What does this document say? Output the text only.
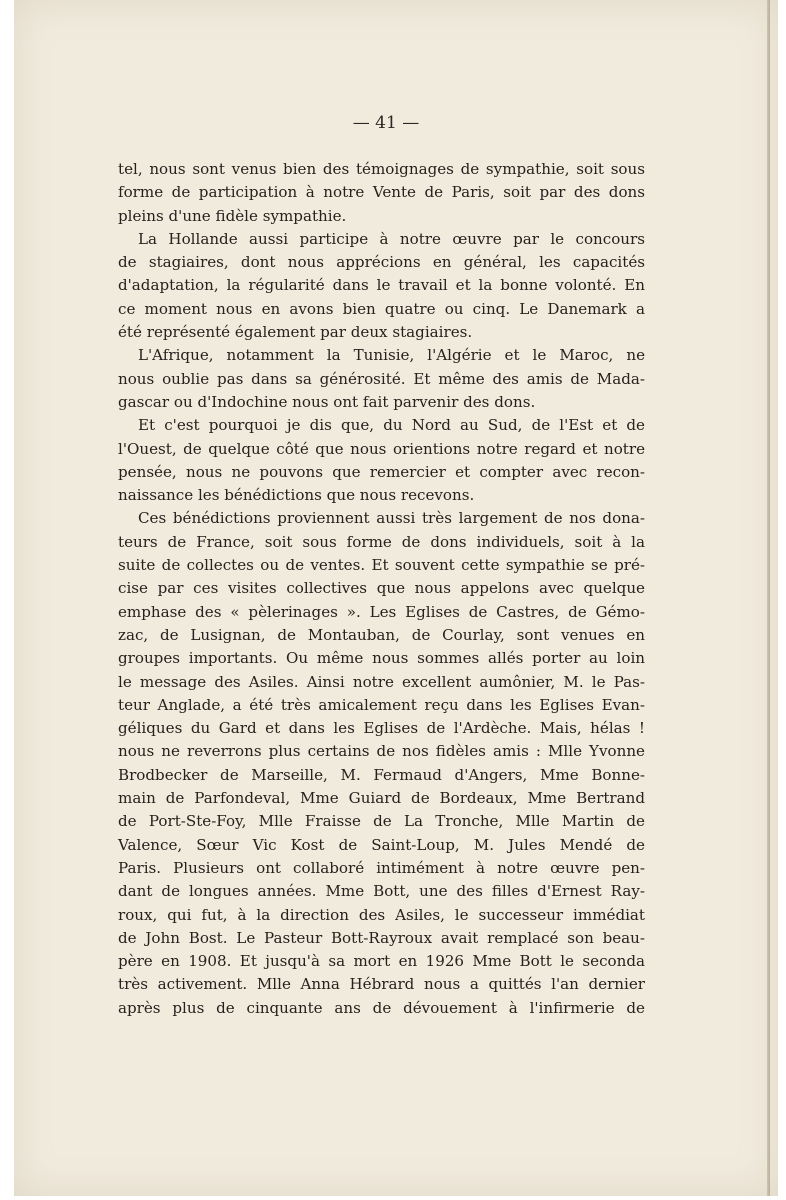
— 41 —
tel, nous sont venus bien des témoignages de sympathie, soit sous
forme de participation à notre Vente de Paris, soit par des dons
pleins d'une fidèle sympathie.
La Hollande aussi participe à notre œuvre par le concours
de stagiaires, dont nous apprécions en général, les capacités
d'adaptation, la régularité dans le travail et la bonne volonté. En
ce moment nous en avons bien quatre ou cinq. Le Danemark a
été représenté également par deux stagiaires.
L'Afrique, notamment la Tunisie, l'Algérie et le Maroc, ne
nous oublie pas dans sa générosité. Et même des amis de Mada-
gascar ou d'Indochine nous ont fait parvenir des dons.
Et c'est pourquoi je dis que, du Nord au Sud, de l'Est et de
l'Ouest, de quelque côté que nous orientions notre regard et notre
pensée, nous ne pouvons que remercier et compter avec recon-
naissance les bénédictions que nous recevons.
Ces bénédictions proviennent aussi très largement de nos dona-
teurs de France, soit sous forme de dons individuels, soit à la
suite de collectes ou de ventes. Et souvent cette sympathie se pré-
cise par ces visites collectives que nous appelons avec quelque
emphase des « pèlerinages ». Les Eglises de Castres, de Gémo-
zac, de Lusignan, de Montauban, de Courlay, sont venues en
groupes importants. Ou même nous sommes allés porter au loin
le message des Asiles. Ainsi notre excellent aumônier, M. le Pas-
teur Anglade, a été très amicalement reçu dans les Eglises Evan-
géliques du Gard et dans les Eglises de l'Ardèche. Mais, hélas !
nous ne reverrons plus certains de nos fidèles amis : Mlle Yvonne
Brodbecker de Marseille, M. Fermaud d'Angers, Mme Bonne-
main de Parfondeval, Mme Guiard de Bordeaux, Mme Bertrand
de Port-Ste-Foy, Mlle Fraisse de La Tronche, Mlle Martin de
Valence, Sœur Vic Kost de Saint-Loup, M. Jules Mendé de
Paris. Plusieurs ont collaboré intimément à notre œuvre pen-
dant de longues années. Mme Bott, une des filles d'Ernest Ray-
roux, qui fut, à la direction des Asiles, le successeur immédiat
de John Bost. Le Pasteur Bott-Rayroux avait remplacé son beau-
père en 1908. Et jusqu'à sa mort en 1926 Mme Bott le seconda
très activement. Mlle Anna Hébrard nous a quittés l'an dernier
après plus de cinquante ans de dévouement à l'infirmerie de
